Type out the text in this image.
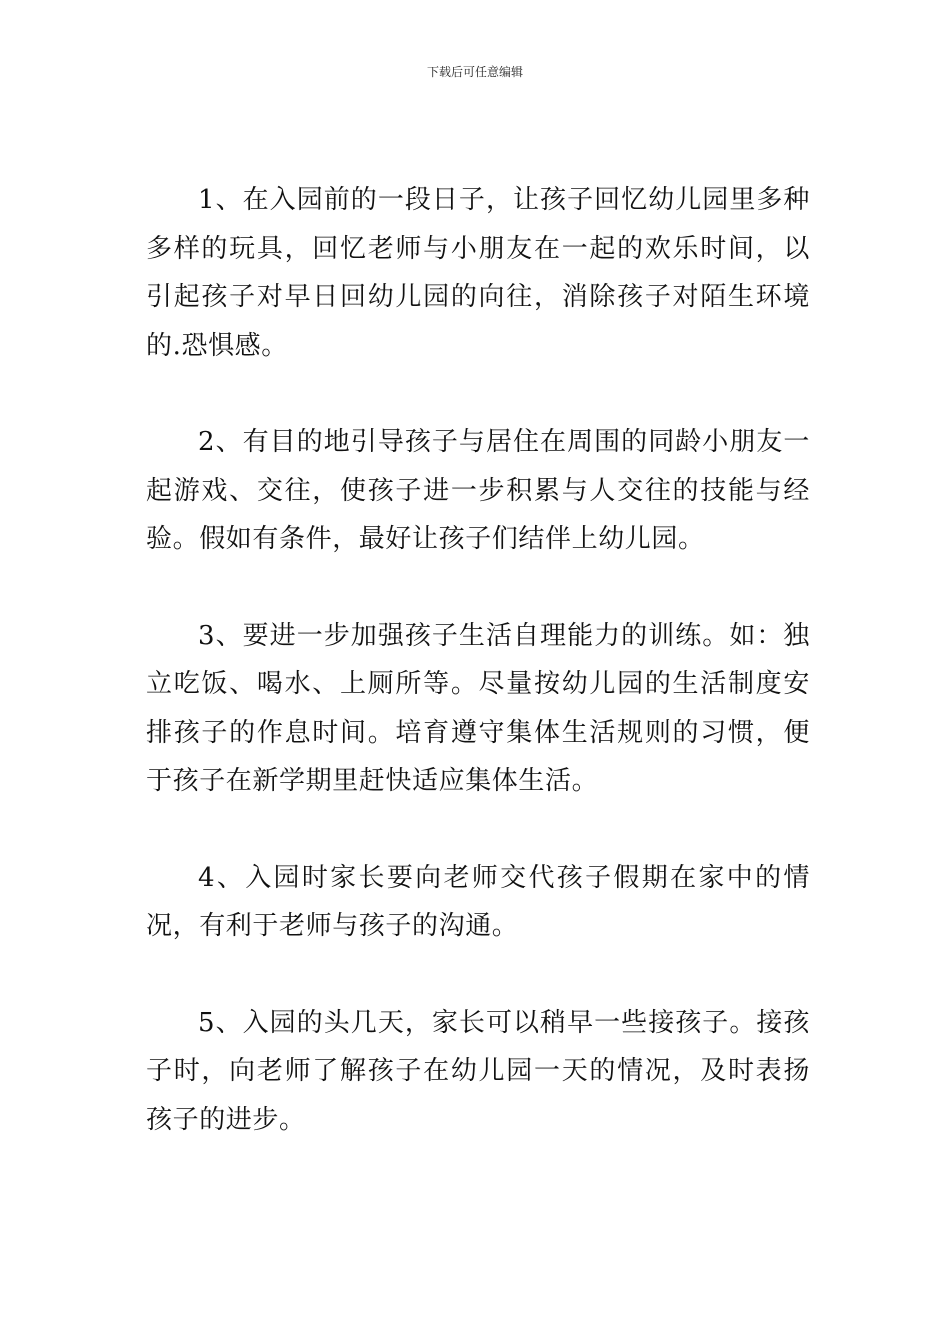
下载后可任意编辑

1、在入园前的一段日子，让孩子回忆幼儿园里多种多样的玩具，回忆老师与小朋友在一起的欢乐时间，以引起孩子对早日回幼儿园的向往，消除孩子对陌生环境的.恐惧感。

2、有目的地引导孩子与居住在周围的同龄小朋友一起游戏、交往，使孩子进一步积累与人交往的技能与经验。假如有条件，最好让孩子们结伴上幼儿园。

3、要进一步加强孩子生活自理能力的训练。如：独立吃饭、喝水、上厕所等。尽量按幼儿园的生活制度安排孩子的作息时间。培育遵守集体生活规则的习惯，便于孩子在新学期里赶快适应集体生活。

4、入园时家长要向老师交代孩子假期在家中的情况，有利于老师与孩子的沟通。

5、入园的头几天，家长可以稍早一些接孩子。接孩子时，向老师了解孩子在幼儿园一天的情况，及时表扬孩子的进步。
